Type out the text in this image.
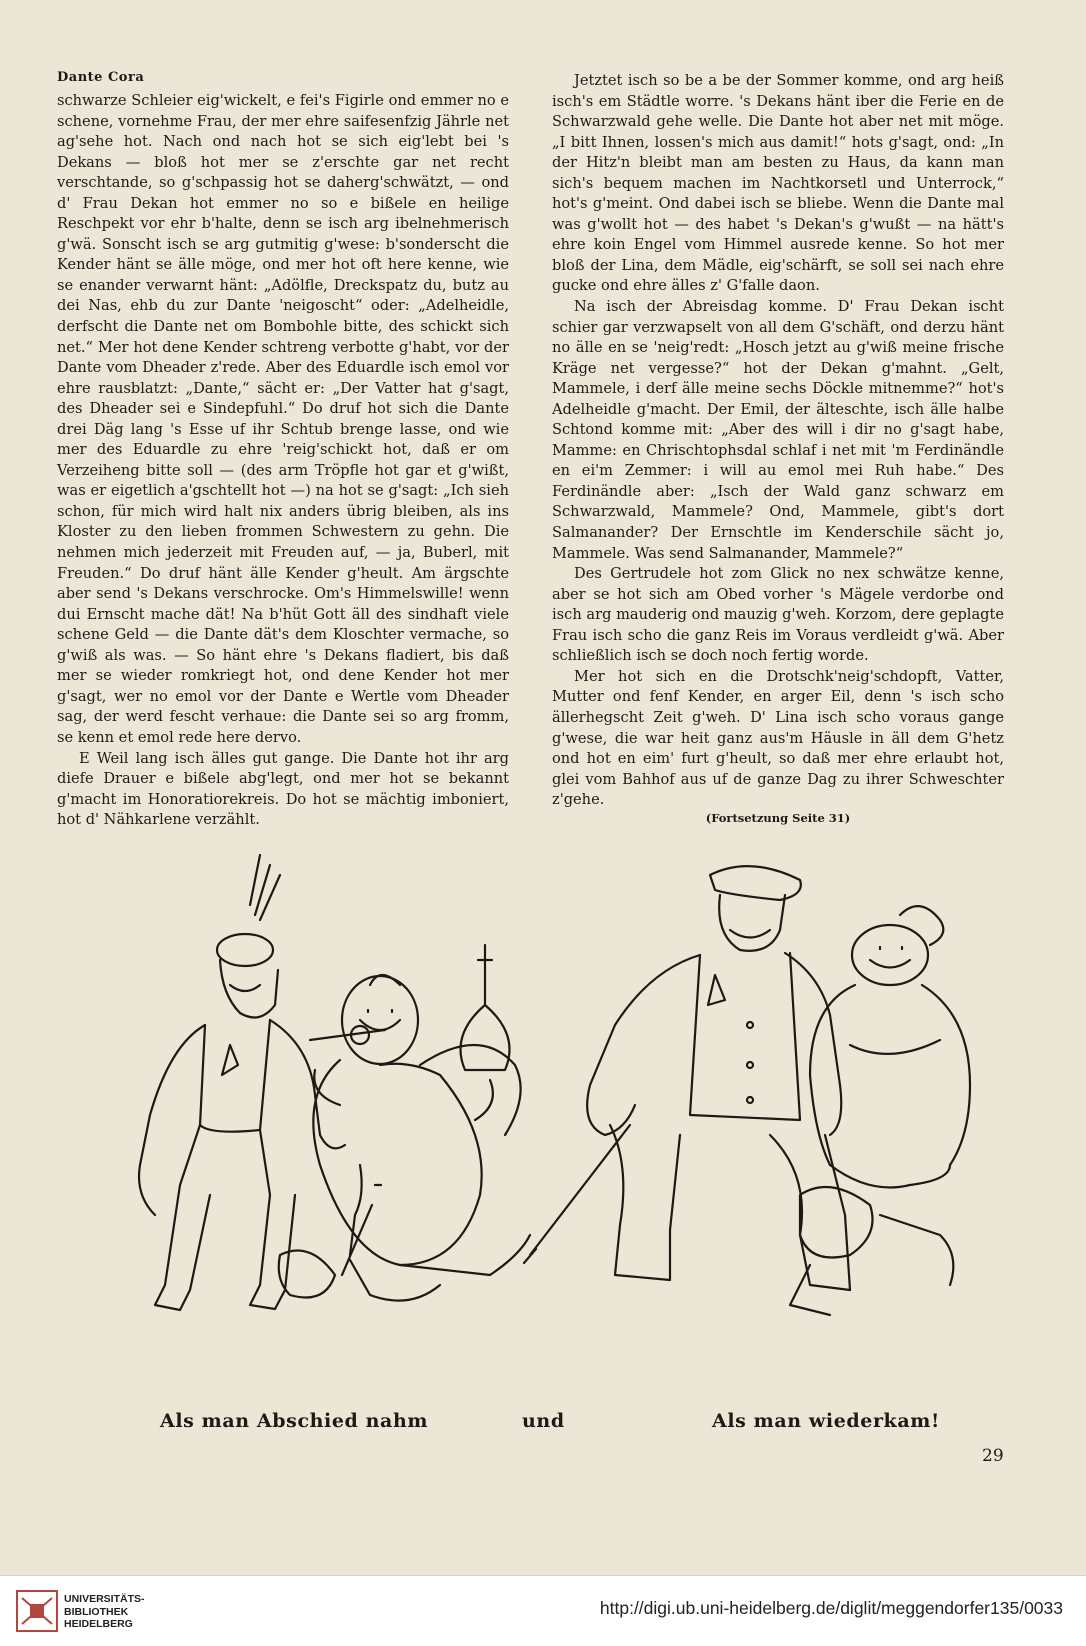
Dante Cora

schwarze Schleier eig'wickelt, e fei's Figirle ond emmer no e schene, vornehme Frau, der mer ehre saifesenfzig Jährle net ag'sehe hot. Nach ond nach hot se sich eig'lebt bei 's Dekans — bloß hot mer se z'erschte gar net recht verschtande, so g'schpassig hot se daherg'schwätzt, — ond d' Frau Dekan hot emmer no so e bißele en heilige Reschpekt vor ehr b'halte, denn se isch arg ibelnehmerisch g'wä. Sonscht isch se arg gutmitig g'wese: b'sonderscht die Kender hänt se älle möge, ond mer hot oft here kenne, wie se enander verwarnt hänt: „Adölfle, Dreckspatz du, butz au dei Nas, ehb du zur Dante 'neigoscht“ oder: „Adelheidle, derfscht die Dante net om Bombohle bitte, des schickt sich net.“ Mer hot dene Kender schtreng verbotte g'habt, vor der Dante vom Dheader z'rede. Aber des Eduardle isch emol vor ehre rausblatzt: „Dante,“ sächt er: „Der Vatter hat g'sagt, des Dheader sei e Sindepfuhl.“ Do druf hot sich die Dante drei Däg lang 's Esse uf ihr Schtub brenge lasse, ond wie mer des Eduardle zu ehre 'reig'schickt hot, daß er om Verzeiheng bitte soll — (des arm Tröpfle hot gar et g'wißt, was er eigetlich a'gschtellt hot —) na hot se g'sagt: „Ich sieh schon, für mich wird halt nix anders übrig bleiben, als ins Kloster zu den lieben frommen Schwestern zu gehn. Die nehmen mich jederzeit mit Freuden auf, — ja, Buberl, mit Freuden.“ Do druf hänt älle Kender g'heult. Am ärgschte aber send 's Dekans verschrocke. Om's Himmelswille! wenn dui Ernscht mache dät! Na b'hüt Gott äll des sindhaft viele schene Geld — die Dante dät's dem Kloschter vermache, so g'wiß als was. — So hänt ehre 's Dekans fladiert, bis daß mer se wieder romkriegt hot, ond dene Kender hot mer g'sagt, wer no emol vor der Dante e Wertle vom Dheader sag, der werd fescht verhaue: die Dante sei so arg fromm, se kenn et emol rede here dervo.

E Weil lang isch älles gut gange. Die Dante hot ihr arg diefe Drauer e bißele abg'legt, ond mer hot se bekannt g'macht im Honoratiorekreis. Do hot se mächtig imboniert, hot d' Nähkarlene verzählt.

Jetztet isch so be a be der Sommer komme, ond arg heiß isch's em Städtle worre. 's Dekans hänt iber die Ferie en de Schwarzwald gehe welle. Die Dante hot aber net mit möge. „I bitt Ihnen, lossen's mich aus damit!“ hots g'sagt, ond: „In der Hitz'n bleibt man am besten zu Haus, da kann man sich's bequem machen im Nachtkorsetl und Unterrock,“ hot's g'meint. Ond dabei isch se bliebe. Wenn die Dante mal was g'wollt hot — des habet 's Dekan's g'wußt — na hätt's ehre koin Engel vom Himmel ausrede kenne. So hot mer bloß der Lina, dem Mädle, eig'schärft, se soll sei nach ehre gucke ond ehre älles z' G'falle daon.

Na isch der Abreisdag komme. D' Frau Dekan ischt schier gar verzwapselt von all dem G'schäft, ond derzu hänt no älle en se 'neig'redt: „Hosch jetzt au g'wiß meine frische Kräge net vergesse?“ hot der Dekan g'mahnt. „Gelt, Mammele, i derf älle meine sechs Döckle mitnemme?“ hot's Adelheidle g'macht. Der Emil, der älteschte, isch älle halbe Schtond komme mit: „Aber des will i dir no g'sagt habe, Mamme: en Chrischtophsdal schlaf i net mit 'm Ferdinändle en ei'm Zemmer: i will au emol mei Ruh habe.“ Des Ferdinändle aber: „Isch der Wald ganz schwarz em Schwarzwald, Mammele? Ond, Mammele, gibt's dort Salmanander? Der Ernschtle im Kenderschile sächt jo, Mammele. Was send Salmanander, Mammele?“

Des Gertrudele hot zom Glick no nex schwätze kenne, aber se hot sich am Obed vorher 's Mägele verdorbe ond isch arg mauderig ond mauzig g'weh. Korzom, dere geplagte Frau isch scho die ganz Reis im Voraus verdleidt g'wä. Aber schließlich isch se doch noch fertig worde.

Mer hot sich en die Drotschk'neig'schdopft, Vatter, Mutter ond fenf Kender, en arger Eil, denn 's isch scho ällerhegscht Zeit g'weh. D' Lina isch scho voraus gange g'wese, die war heit ganz aus'm Häusle in äll dem G'hetz ond hot en eim' furt g'heult, so daß mer ehre erlaubt hot, glei vom Bahhof aus uf de ganze Dag zu ihrer Schweschter z'gehe.

(Fortsetzung Seite 31)
Als man Abschied nahm	und	Als man wiederkam!
29
UNIVERSITÄTS-
BIBLIOTHEK
HEIDELBERG
http://digi.ub.uni-heidelberg.de/diglit/meggendorfer135/0033
